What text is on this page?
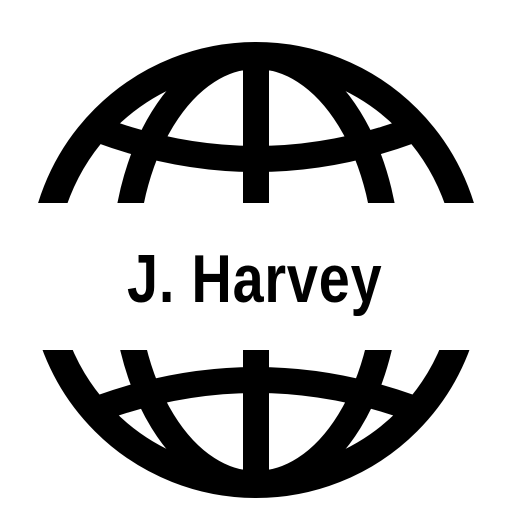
J. Harvey
